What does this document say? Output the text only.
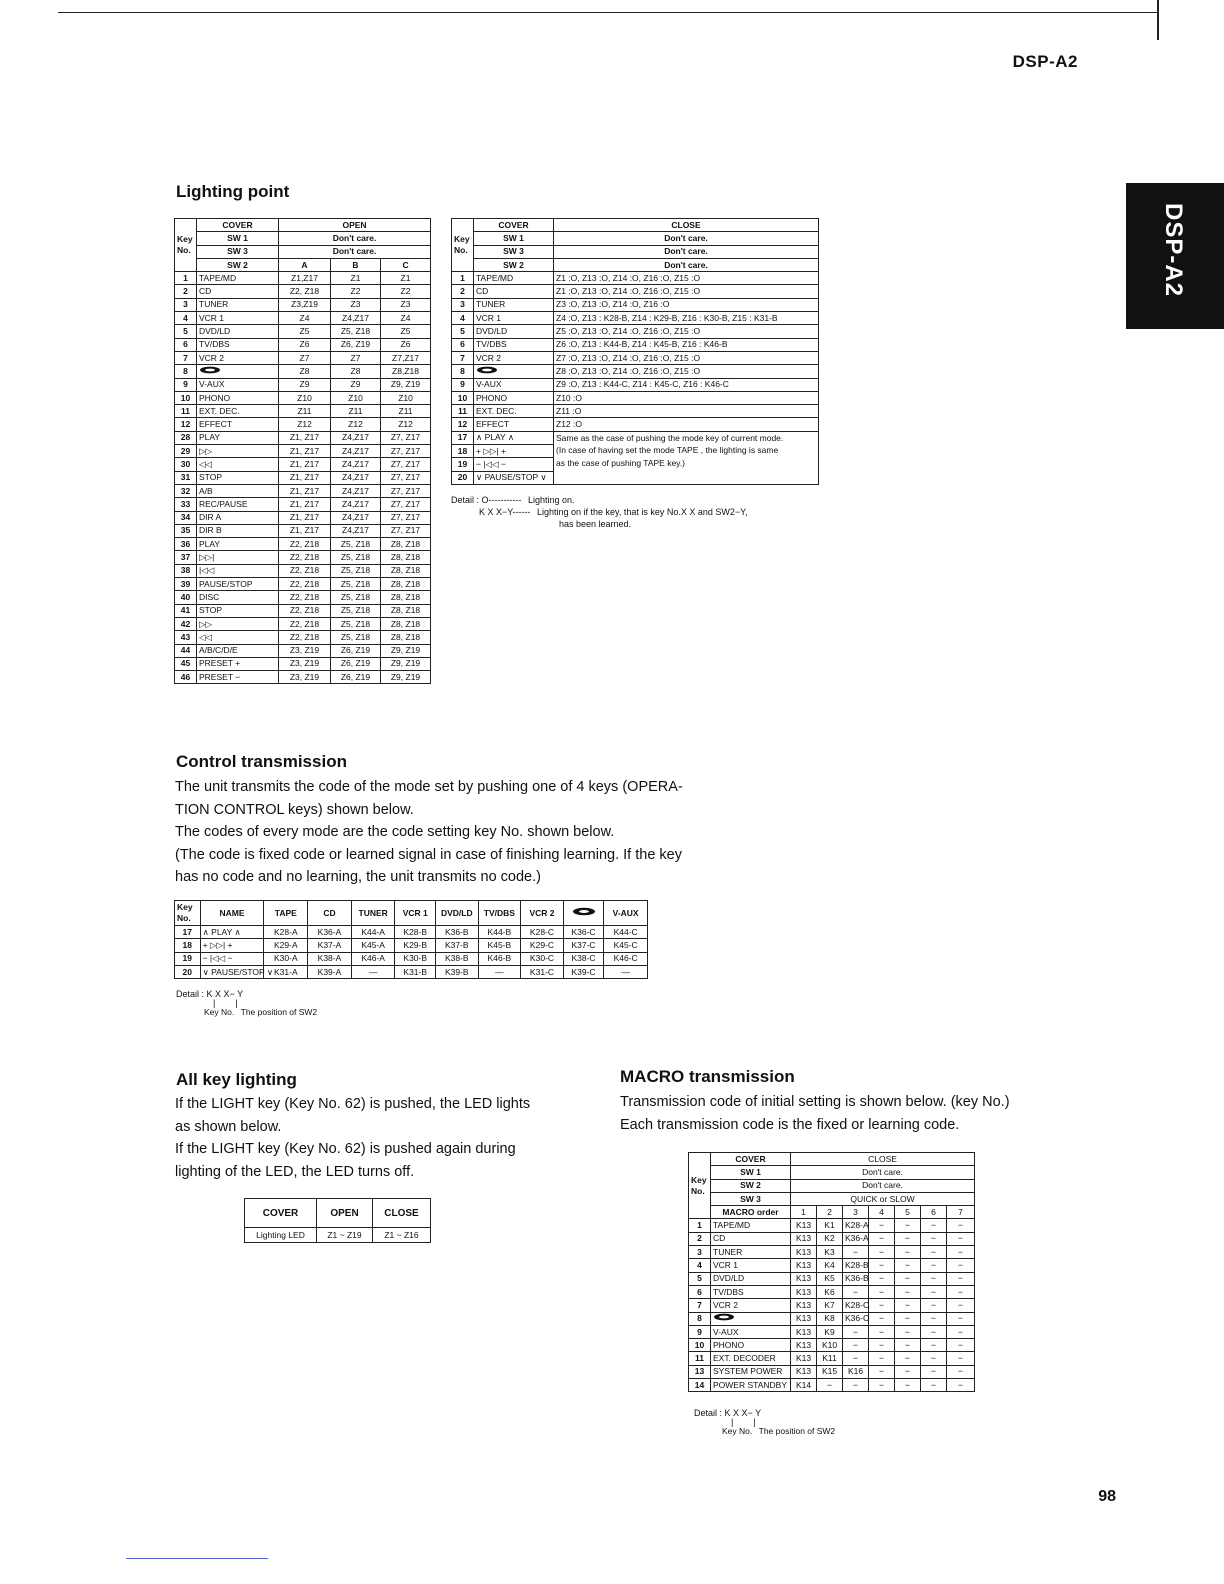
DSP-A2
DSP-A2
Lighting point
Key
No.	COVER	OPEN		
	SW 1	Don't care.		
	SW 3	Don't care.		
	SW 2	A	B	C
1	TAPE/MD	Z1,Z17	Z1	Z1
2	CD	Z2, Z18	Z2	Z2
3	TUNER	Z3,Z19	Z3	Z3
4	VCR 1	Z4	Z4,Z17	Z4
5	DVD/LD	Z5	Z5, Z18	Z5
6	TV/DBS	Z6	Z6, Z19	Z6
7	VCR 2	Z7	Z7	Z7,Z17
8		Z8	Z8	Z8,Z18
9	V-AUX	Z9	Z9	Z9, Z19
10	PHONO	Z10	Z10	Z10
11	EXT. DEC.	Z11	Z11	Z11
12	EFFECT	Z12	Z12	Z12
28	PLAY	Z1, Z17	Z4,Z17	Z7, Z17
29	▷▷	Z1, Z17	Z4,Z17	Z7, Z17
30	◁◁	Z1, Z17	Z4,Z17	Z7, Z17
31	STOP	Z1, Z17	Z4,Z17	Z7, Z17
32	A/B	Z1, Z17	Z4,Z17	Z7, Z17
33	REC/PAUSE	Z1, Z17	Z4,Z17	Z7, Z17
34	DIR A	Z1, Z17	Z4,Z17	Z7, Z17
35	DIR B	Z1, Z17	Z4,Z17	Z7, Z17
36	PLAY	Z2, Z18	Z5, Z18	Z8, Z18
37	▷▷|	Z2, Z18	Z5, Z18	Z8, Z18
38	|◁◁	Z2, Z18	Z5, Z18	Z8, Z18
39	PAUSE/STOP	Z2, Z18	Z5, Z18	Z8, Z18
40	DISC	Z2, Z18	Z5, Z18	Z8, Z18
41	STOP	Z2, Z18	Z5, Z18	Z8, Z18
42	▷▷	Z2, Z18	Z5, Z18	Z8, Z18
43	◁◁	Z2, Z18	Z5, Z18	Z8, Z18
44	A/B/C/D/E	Z3, Z19	Z6, Z19	Z9, Z19
45	PRESET +	Z3, Z19	Z6, Z19	Z9, Z19
46	PRESET −	Z3, Z19	Z6, Z19	Z9, Z19
Key
No.	COVER	CLOSE
	SW 1	Don't care.
	SW 3	Don't care.
	SW 2	Don't care.
1	TAPE/MD	Z1 :O, Z13 :O, Z14 :O, Z16 :O, Z15 :O
2	CD	Z1 :O, Z13 :O, Z14 :O, Z16 :O, Z15 :O
3	TUNER	Z3 :O, Z13 :O, Z14 :O, Z16 :O
4	VCR 1	Z4 :O, Z13 : K28-B, Z14 : K29-B, Z16 : K30-B, Z15 : K31-B
5	DVD/LD	Z5 :O, Z13 :O, Z14 :O, Z16 :O, Z15 :O
6	TV/DBS	Z6 :O, Z13 : K44-B, Z14 : K45-B, Z16 : K46-B
7	VCR 2	Z7 :O, Z13 :O, Z14 :O, Z16 :O, Z15 :O
8		Z8 :O, Z13 :O, Z14 :O, Z16 :O, Z15 :O
9	V-AUX	Z9 :O, Z13 : K44-C, Z14 : K45-C, Z16 : K46-C
10	PHONO	Z10 :O
11	EXT. DEC.	Z11 :O
12	EFFECT	Z12 :O
17	∧ PLAY ∧	Same as the case of pushing the mode key of current mode.
(In case of having set the mode TAPE , the lighting is same
as the case of pushing TAPE key.)

18	+ ▷▷| +	
19	− |◁◁ −	
20	∨ PAUSE/STOP ∨	
Detail : O----------- Lighting on.
K X X−Y------ Lighting on if the key, that is key No.X X and SW2−Y,
has been learned.
Control transmission

The unit transmits the code of the mode set by pushing one of 4 keys (OPERA-

TION CONTROL keys) shown below.

The codes of every mode are the code setting key No. shown below.

(The code is fixed code or learned signal in case of finishing learning. If the key

has no code and no learning, the unit transmits no code.)

Key
No.	NAME	TAPE	CD	TUNER	VCR 1	DVD/LD	TV/DBS	VCR 2		V-AUX
17	∧ PLAY ∧	K28-A	K36-A	K44-A	K28-B	K36-B	K44-B	K28-C	K36-C	K44-C
18	+ ▷▷| +	K29-A	K37-A	K45-A	K29-B	K37-B	K45-B	K29-C	K37-C	K45-C
19	− |◁◁ −	K30-A	K38-A	K46-A	K30-B	K38-B	K46-B	K30-C	K38-C	K46-C
20	∨ PAUSE/STOP ∨	K31-A	K39-A	—	K31-B	K39-B	—	K31-C	K39-C	—
Detail : K X X− Y
|        |
Key No. The position of SW2
All key lighting

If the LIGHT key (Key No. 62) is pushed, the LED lights

as shown below.

If the LIGHT key (Key No. 62) is pushed again during

lighting of the LED, the LED turns off.

COVER	OPEN	CLOSE
Lighting LED	Z1 ~ Z19	Z1 ~ Z16
MACRO transmission

Transmission code of initial setting is shown below. (key No.)

Each transmission code is the fixed or learning code.

Key
No.	COVER	CLOSE						
	SW 1	Don't care.						
	SW 2	Don't care.						
	SW 3	QUICK or SLOW						
	MACRO order	1	2	3	4	5	6	7
1	TAPE/MD	K13	K1	K28-A	−	−	−	−
2	CD	K13	K2	K36-A	−	−	−	−
3	TUNER	K13	K3	−	−	−	−	−
4	VCR 1	K13	K4	K28-B	−	−	−	−
5	DVD/LD	K13	K5	K36-B	−	−	−	−
6	TV/DBS	K13	K6	−	−	−	−	−
7	VCR 2	K13	K7	K28-C	−	−	−	−
8		K13	K8	K36-C	−	−	−	−
9	V-AUX	K13	K9	−	−	−	−	−
10	PHONO	K13	K10	−	−	−	−	−
11	EXT. DECODER	K13	K11	−	−	−	−	−
13	SYSTEM POWER	K13	K15	K16	−	−	−	−
14	POWER STANDBY	K14	−	−	−	−	−	−
Detail : K X X− Y
|        |
Key No. The position of SW2
98
